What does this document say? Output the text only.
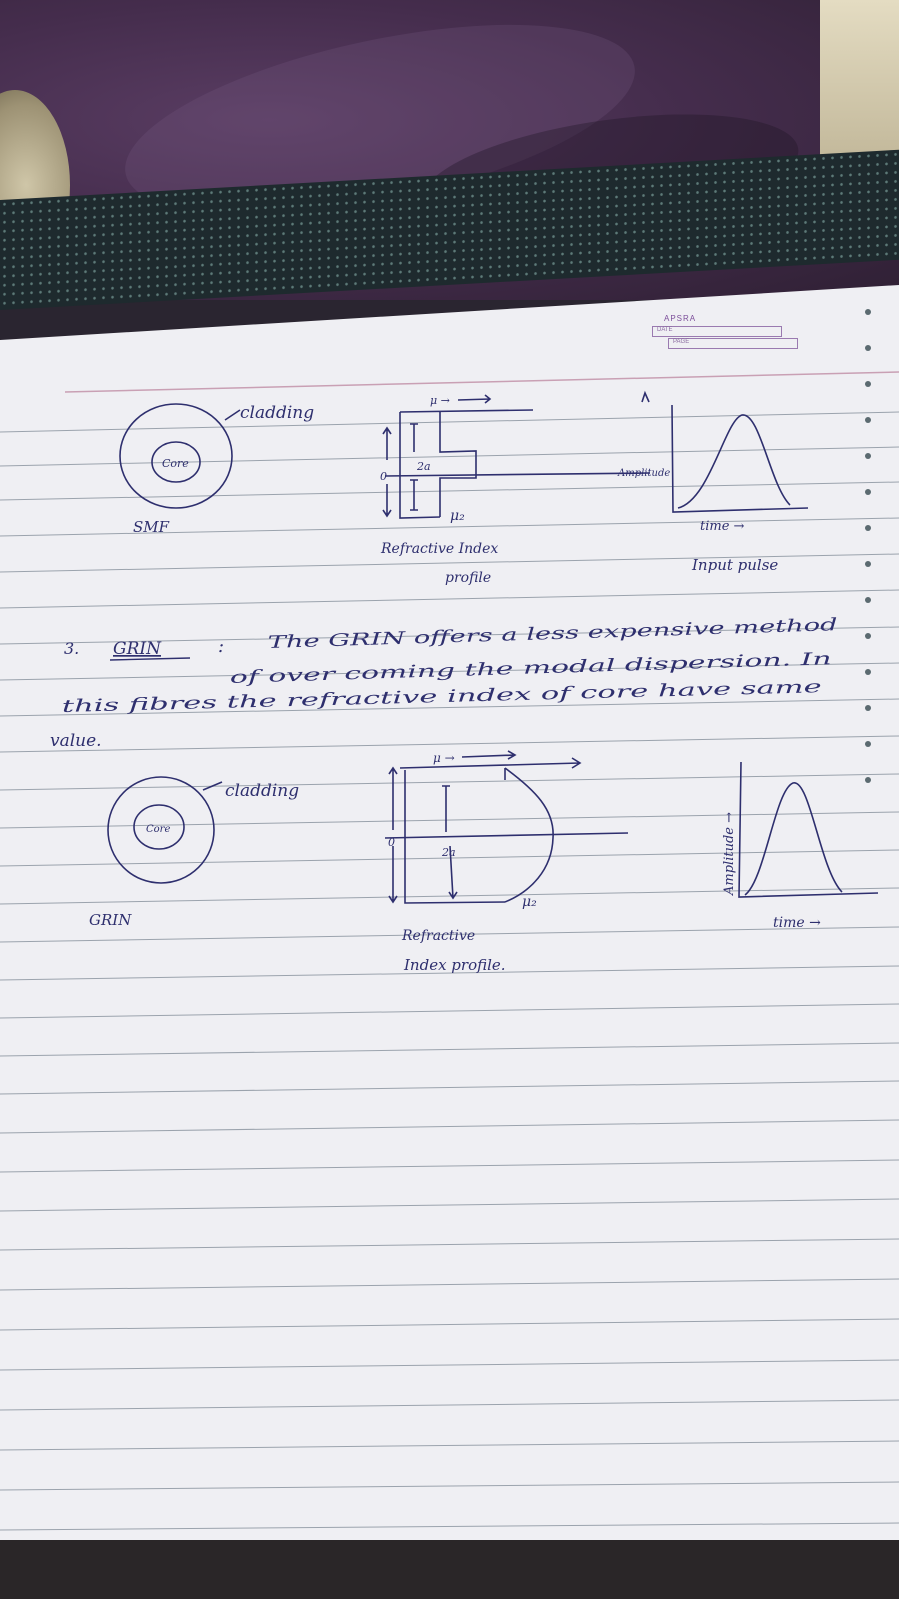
APSRA
DATE
PAGE
Core
cladding
SMF
μ →
0
2a
μ₂
Refractive Index
profile
Amplitude
time →
Input pulse
3. GRIN	:	The GRIN offers a less expensive method
of over coming the modal dispersion. In
this fibres the refractive index of core have same
value.
Core
cladding
GRIN
μ →
0
2a
μ₂
Refractive
Index profile.
Amplitude →
time →
